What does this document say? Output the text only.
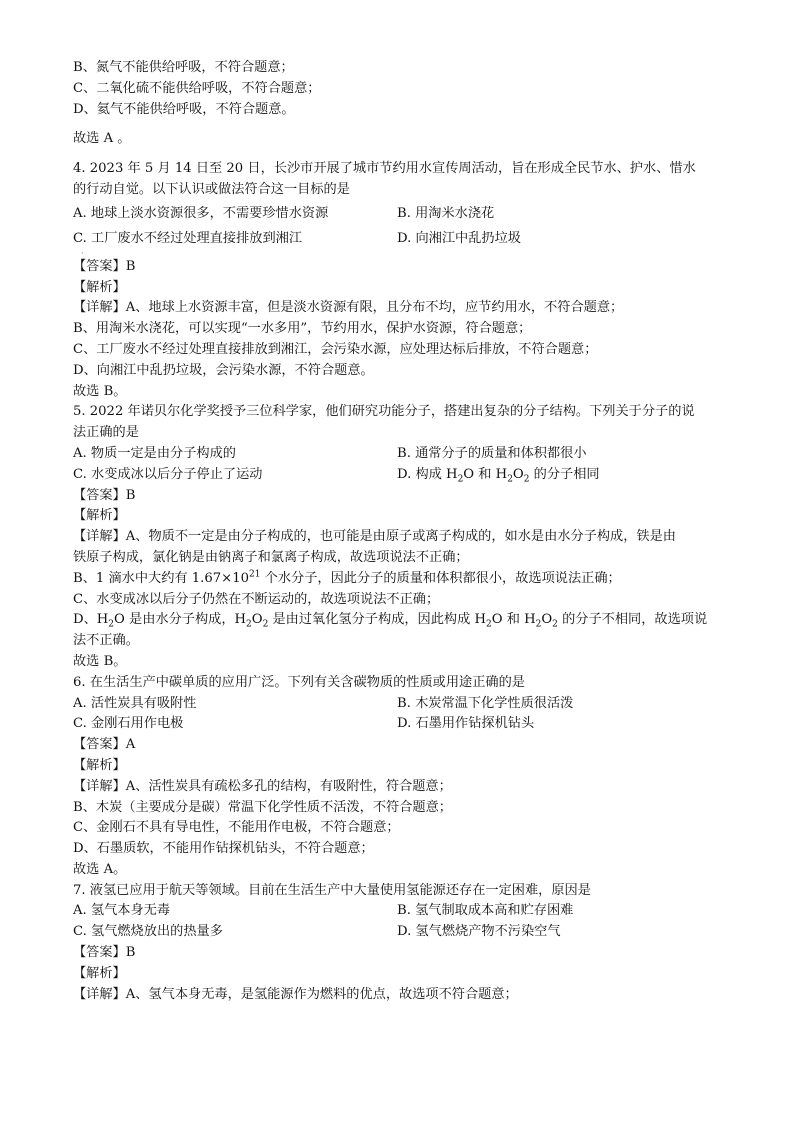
B、氮气不能供给呼吸，不符合题意；
C、二氧化硫不能供给呼吸，不符合题意；
D、氦气不能供给呼吸，不符合题意。
故选 A 。
4. 2023 年 5 月 14 日至 20 日，长沙市开展了城市节约用水宣传周活动，旨在形成全民节水、护水、惜水
的行动自觉。以下认识或做法符合这一目标的是
A. 地球上淡水资源很多，不需要珍惜水资源	B. 用淘米水浇花
C. 工厂废水不经过处理直接排放到湘江	D. 向湘江中乱扔垃圾
·
【答案】B
【解析】
【详解】A、地球上水资源丰富，但是淡水资源有限，且分布不均，应节约用水，不符合题意；
B、用淘米水浇花，可以实现“一水多用”，节约用水，保护水资源，符合题意；
C、工厂废水不经过处理直接排放到湘江，会污染水源，应处理达标后排放，不符合题意；
D、向湘江中乱扔垃圾，会污染水源，不符合题意。
故选 B。
5. 2022 年诺贝尔化学奖授予三位科学家，他们研究功能分子，搭建出复杂的分子结构。下列关于分子的说
法正确的是
A. 物质一定是由分子构成的	B. 通常分子的质量和体积都很小
C. 水变成冰以后分子停止了运动	D. 构成 $H_2O$ 和 $H_2O_2$ 的分子相同
【答案】B
【解析】
【详解】A、物质不一定是由分子构成的，也可能是由原子或离子构成的，如水是由水分子构成，铁是由
铁原子构成，氯化钠是由钠离子和氯离子构成，故选项说法不正确；
B、1 滴水中大约有 $1.67\times 10^{21}$ 个水分子，因此分子的质量和体积都很小，故选项说法正确；
C、水变成冰以后分子仍然在不断运动的，故选项说法不正确；
D、$H_2O$ 是由水分子构成，$H_2O_2$ 是由过氧化氢分子构成，因此构成 $H_2O$ 和 $H_2O_2$ 的分子不相同，故选项说
法不正确。
故选 B。
6. 在生活生产中碳单质的应用广泛。下列有关含碳物质的性质或用途正确的是
A. 活性炭具有吸附性	B. 木炭常温下化学性质很活泼
C. 金刚石用作电极	D. 石墨用作钻探机钻头
【答案】A
【解析】
【详解】A、活性炭具有疏松多孔的结构，有吸附性，符合题意；
B、木炭（主要成分是碳）常温下化学性质不活泼，不符合题意；
C、金刚石不具有导电性，不能用作电极，不符合题意；
D、石墨质软，不能用作钻探机钻头，不符合题意；
故选 A。
7. 液氢已应用于航天等领域。目前在生活生产中大量使用氢能源还存在一定困难，原因是
A. 氢气本身无毒	B. 氢气制取成本高和贮存困难
C. 氢气燃烧放出的热量多	D. 氢气燃烧产物不污染空气
【答案】B
【解析】
【详解】A、氢气本身无毒，是氢能源作为燃料的优点，故选项不符合题意；
